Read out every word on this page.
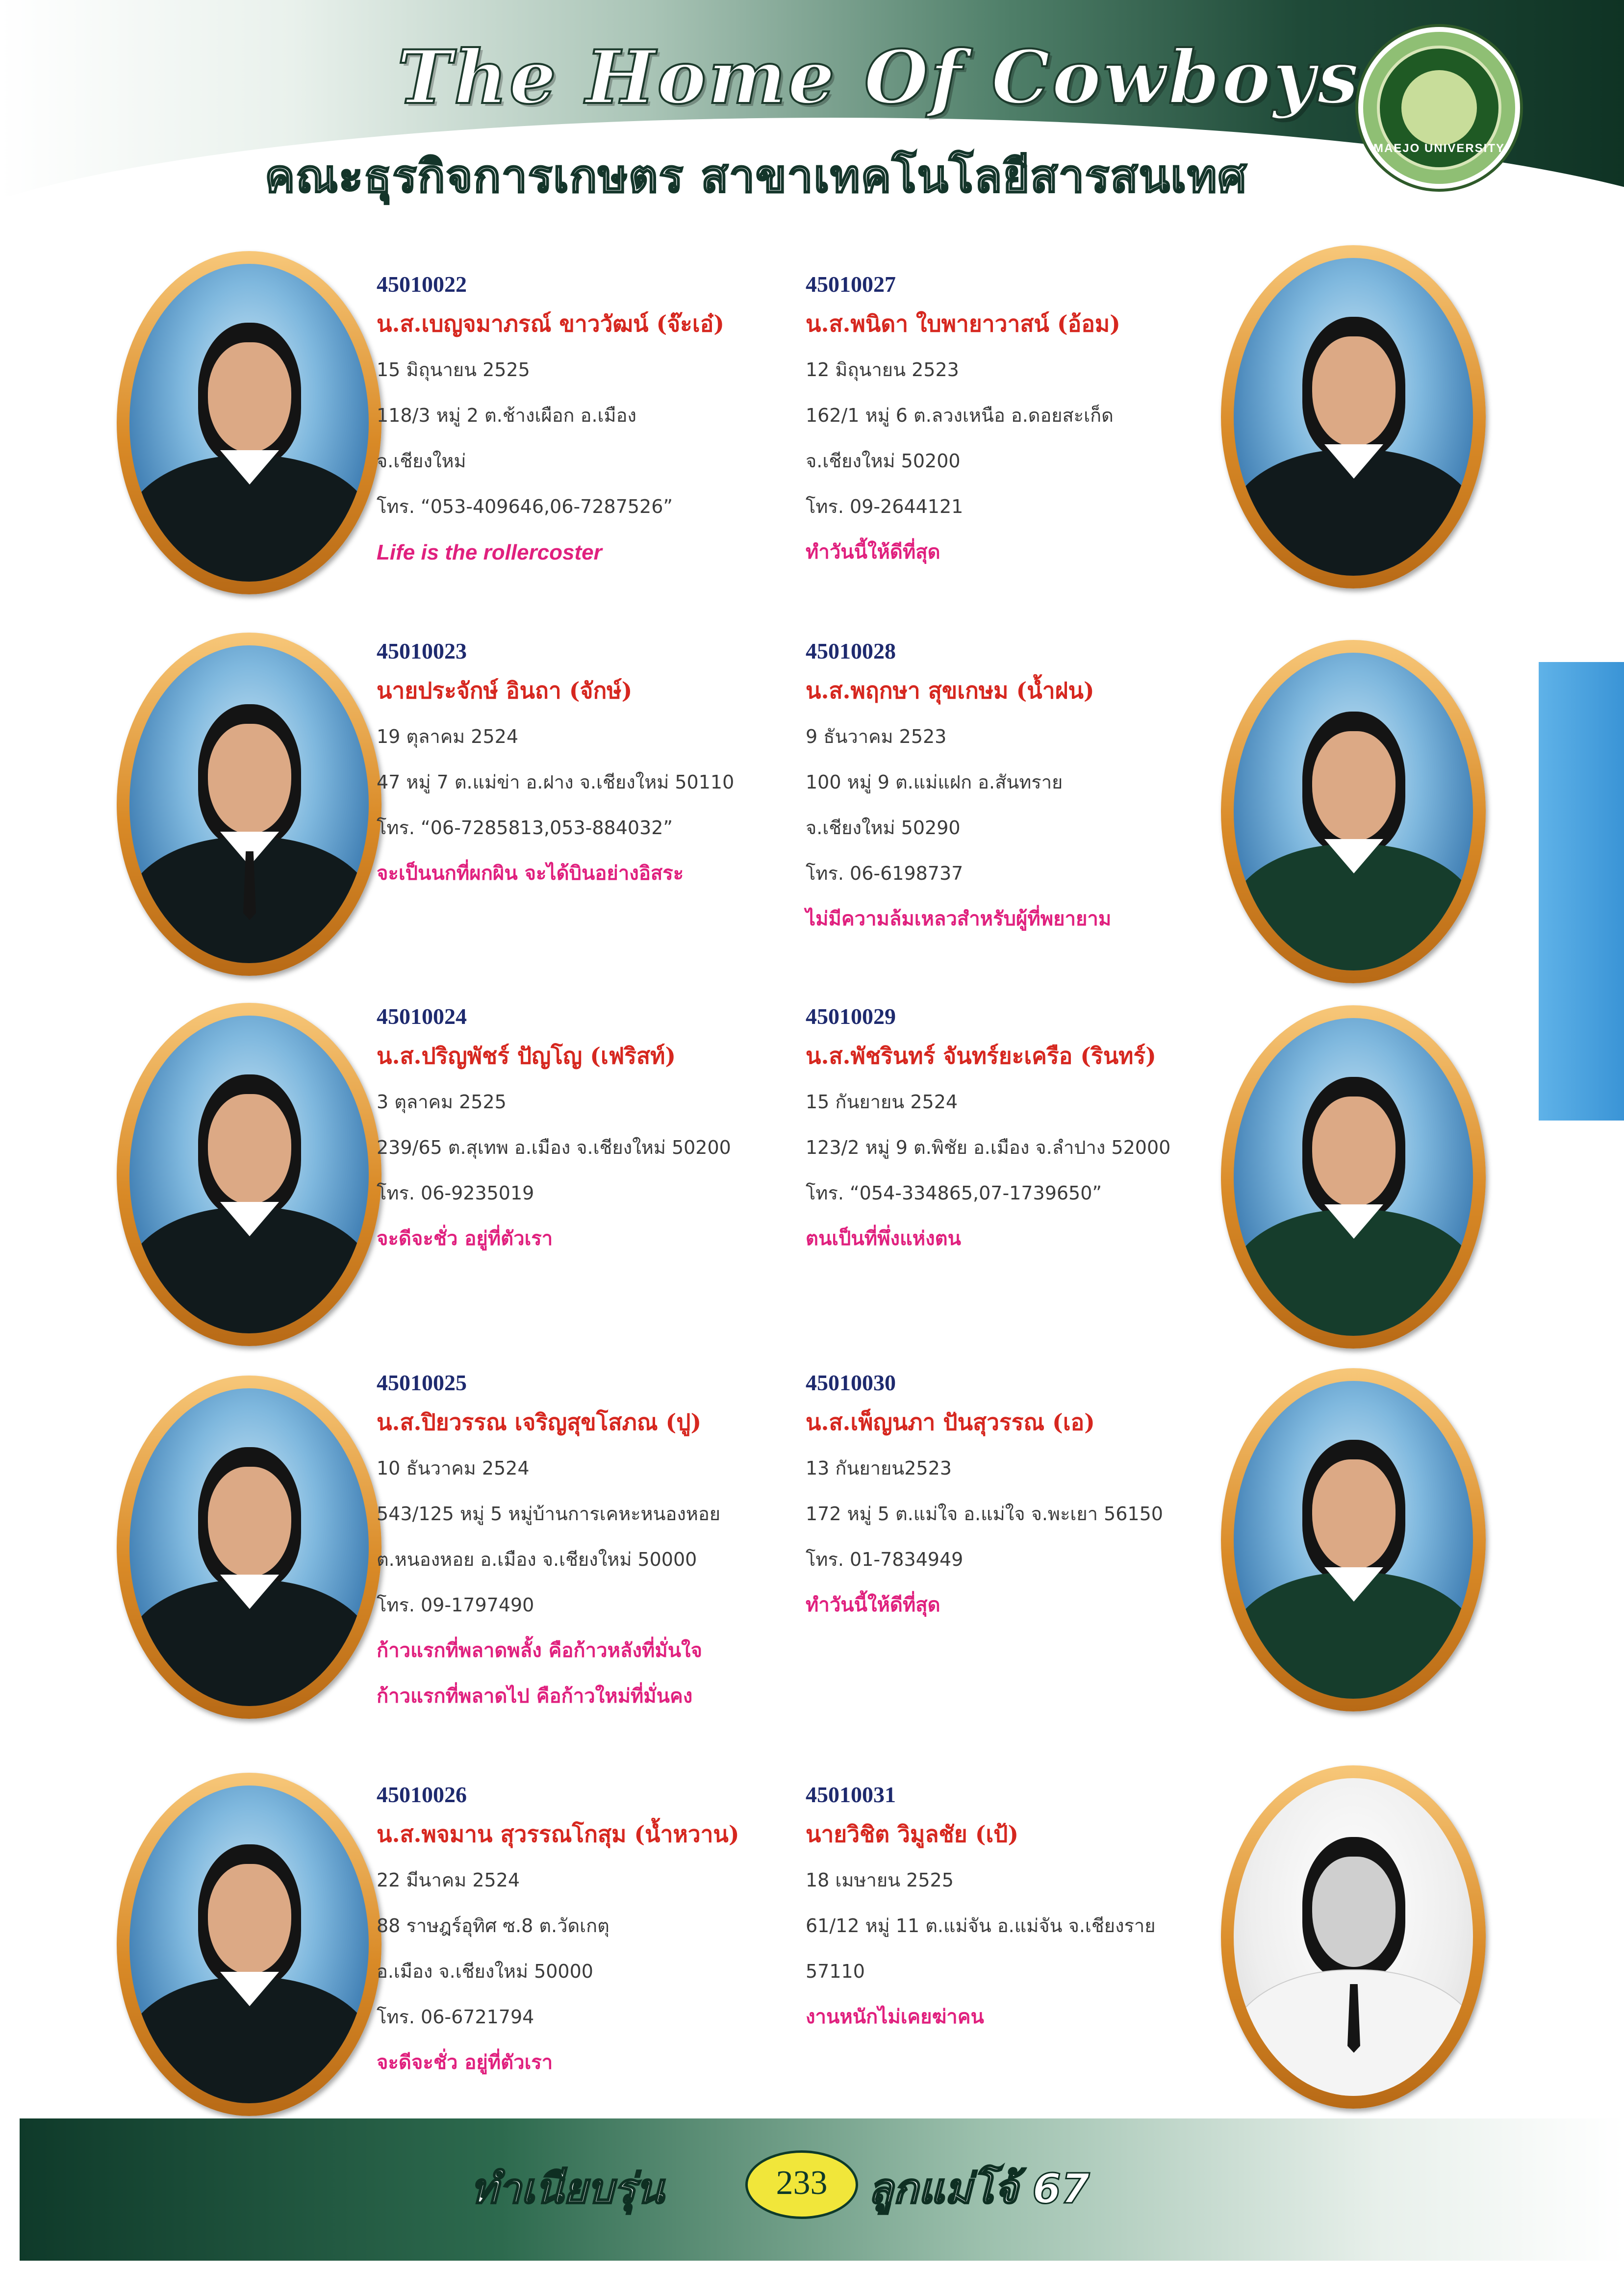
The Home Of Cowboys
คณะธุรกิจการเกษตร สาขาเทคโนโลยีสารสนเทศ
MAEJO UNIVERSITY
45010022
น.ส.เบญจมาภรณ์ ขาววัฒน์ (จ๊ะเอ๋)
15 มิถุนายน 2525
118/3 หมู่ 2 ต.ช้างเผือก อ.เมือง
จ.เชียงใหม่
โทร. “053-409646,06-7287526”
Life is the rollercoster
45010027
น.ส.พนิดา ใบพายาวาสน์ (อ้อม)
12 มิถุนายน 2523
162/1 หมู่ 6 ต.ลวงเหนือ อ.ดอยสะเก็ด
จ.เชียงใหม่ 50200
โทร. 09-2644121
ทำวันนี้ให้ดีที่สุด
45010023
นายประจักษ์ อินถา (จักษ์)
19 ตุลาคม 2524
47 หมู่ 7 ต.แม่ข่า อ.ฝาง จ.เชียงใหม่ 50110
โทร. “06-7285813,053-884032”
จะเป็นนกที่ผกผิน จะได้บินอย่างอิสระ
45010028
น.ส.พฤกษา สุขเกษม (น้ำฝน)
9 ธันวาคม 2523
100 หมู่ 9 ต.แม่แฝก อ.สันทราย
จ.เชียงใหม่ 50290
โทร. 06-6198737
ไม่มีความล้มเหลวสำหรับผู้ที่พยายาม
45010024
น.ส.ปริญพัชร์ ปัญโญ (เฟริสท์)
3 ตุลาคม 2525
239/65 ต.สุเทพ อ.เมือง จ.เชียงใหม่ 50200
โทร. 06-9235019
จะดีจะชั่ว อยู่ที่ตัวเรา
45010029
น.ส.พัชรินทร์ จันทร์ยะเครือ (รินทร์)
15 กันยายน 2524
123/2 หมู่ 9 ต.พิชัย อ.เมือง จ.ลำปาง 52000
โทร. “054-334865,07-1739650”
ตนเป็นที่พึ่งแห่งตน
45010025
น.ส.ปิยวรรณ เจริญสุขโสภณ (ปู)
10 ธันวาคม 2524
543/125 หมู่ 5 หมู่บ้านการเคหะหนองหอย
ต.หนองหอย อ.เมือง จ.เชียงใหม่ 50000
โทร. 09-1797490
ก้าวแรกที่พลาดพลั้ง คือก้าวหลังที่มั่นใจ
ก้าวแรกที่พลาดไป คือก้าวใหม่ที่มั่นคง
45010030
น.ส.เพ็ญนภา ปันสุวรรณ (เอ)
13 กันยายน2523
172 หมู่ 5 ต.แม่ใจ อ.แม่ใจ จ.พะเยา 56150
โทร. 01-7834949
ทำวันนี้ให้ดีที่สุด
45010026
น.ส.พจมาน สุวรรณโกสุม (น้ำหวาน)
22 มีนาคม 2524
88 ราษฎร์อุทิศ ซ.8 ต.วัดเกตุ
อ.เมือง จ.เชียงใหม่ 50000
โทร. 06-6721794
จะดีจะชั่ว อยู่ที่ตัวเรา
45010031
นายวิชิต วิมูลชัย (เป้)
18 เมษายน 2525
61/12 หมู่ 11 ต.แม่จัน อ.แม่จัน จ.เชียงราย
57110
งานหนักไม่เคยฆ่าคน
ทำเนียบรุ่น	233 ลูกแม่โจ้ 67
